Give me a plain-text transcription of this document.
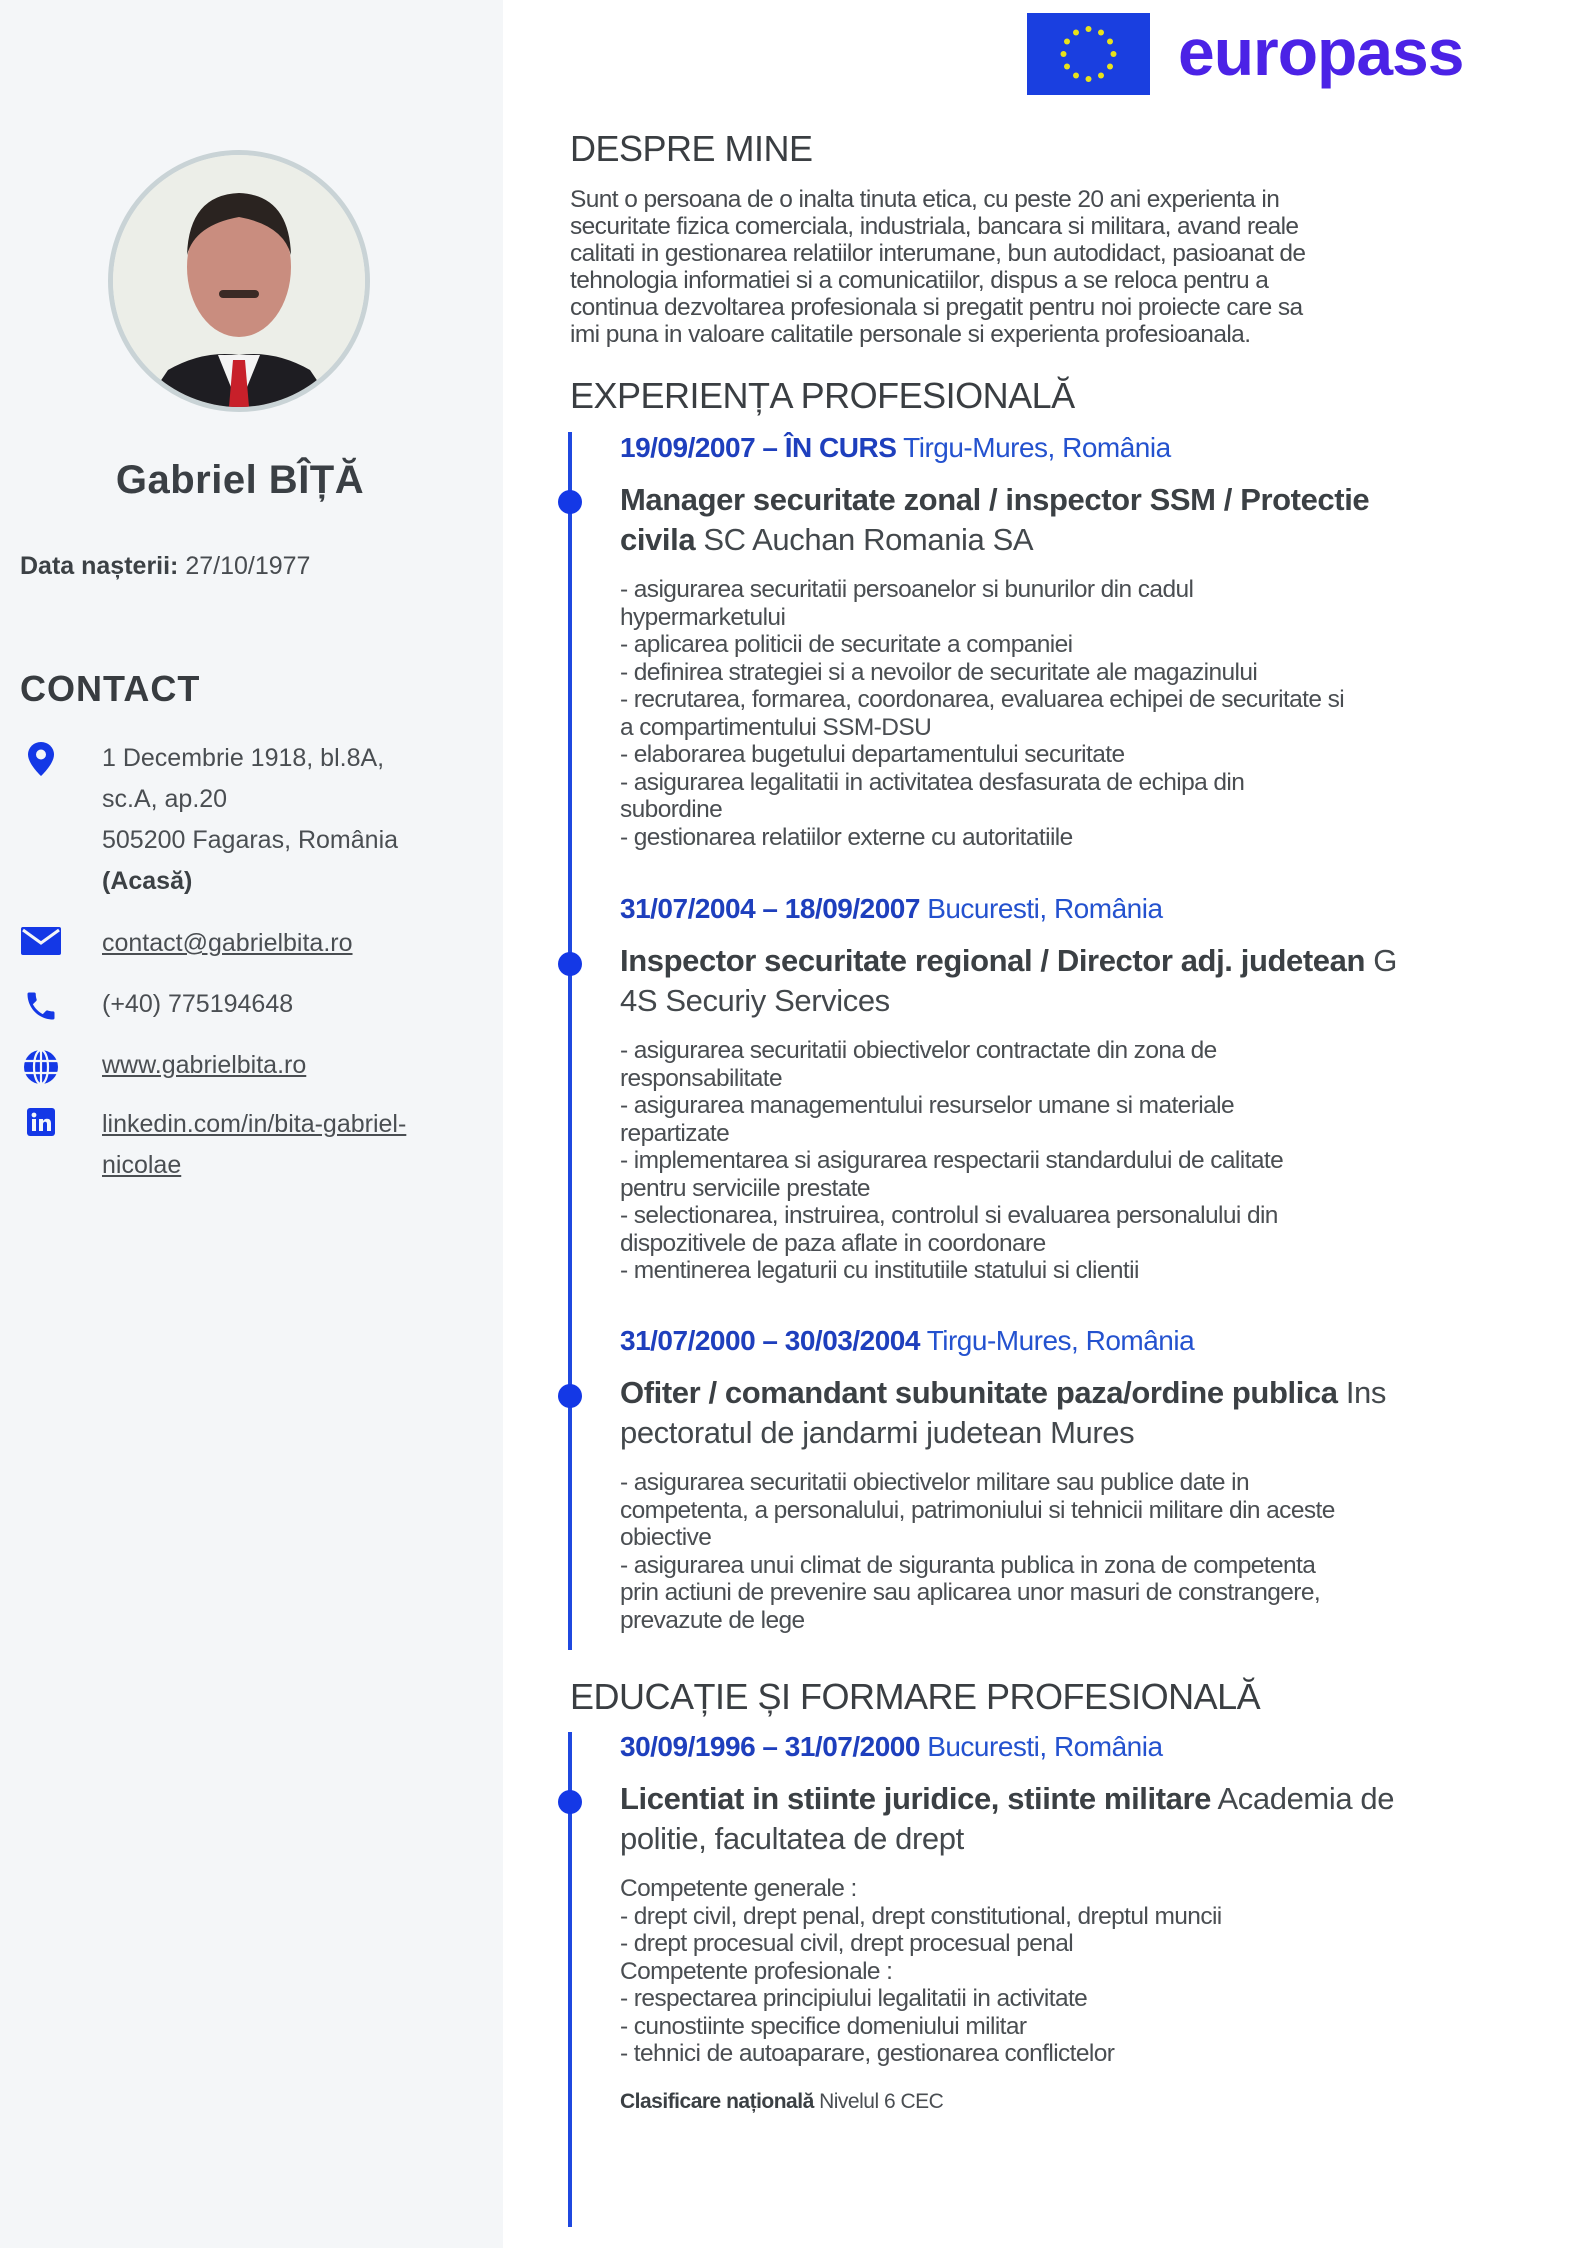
Gabriel BÎȚĂ
Data nașterii: 27/10/1977
CONTACT
1 Decembrie 1918, bl.8A,
sc.A, ap.20
505200 Fagaras, România
(Acasă)
contact@gabrielbita.ro
(+40) 775194648
www.gabrielbita.ro
linkedin.com/in/bita-gabriel-
nicolae
europass
DESPRE MINE
Sunt o persoana de o inalta tinuta etica, cu peste 20 ani experienta in
securitate fizica comerciala, industriala, bancara si militara, avand reale
calitati in gestionarea relatiilor interumane, bun autodidact, pasioanat de
tehnologia informatiei si a comunicatiilor, dispus a se reloca pentru a
continua dezvoltarea profesionala si pregatit pentru noi proiecte care sa
imi puna in valoare calitatile personale si experienta profesioanala.
EXPERIENȚA PROFESIONALĂ
19/09/2007 – ÎN CURS Tirgu-Mures, România
Manager securitate zonal / inspector SSM / Protectie
civila SC Auchan Romania SA
- asigurarea securitatii persoanelor si bunurilor din cadul
hypermarketului
- aplicarea politicii de securitate a companiei
- definirea strategiei si a nevoilor de securitate ale magazinului
- recrutarea, formarea, coordonarea, evaluarea echipei de securitate si
a compartimentului SSM-DSU
- elaborarea bugetului departamentului securitate
- asigurarea legalitatii in activitatea desfasurata de echipa din
subordine
- gestionarea relatiilor externe cu autoritatiile
31/07/2004 – 18/09/2007 Bucuresti, România
Inspector securitate regional / Director adj. judetean G
4S Securiy Services
- asigurarea securitatii obiectivelor contractate din zona de
responsabilitate
- asigurarea managementului resurselor umane si materiale
repartizate
- implementarea si asigurarea respectarii standardului de calitate
pentru serviciile prestate
- selectionarea, instruirea, controlul si evaluarea personalului din
dispozitivele de paza aflate in coordonare
- mentinerea legaturii cu institutiile statului si clientii
31/07/2000 – 30/03/2004 Tirgu-Mures, România
Ofiter / comandant subunitate paza/ordine publica Ins
pectoratul de jandarmi judetean Mures
- asigurarea securitatii obiectivelor militare sau publice date in
competenta, a personalului, patrimoniului si tehnicii militare din aceste
obiective
- asigurarea unui climat de siguranta publica in zona de competenta
prin actiuni de prevenire sau aplicarea unor masuri de constrangere,
prevazute de lege
EDUCAȚIE ȘI FORMARE PROFESIONALĂ
30/09/1996 – 31/07/2000 Bucuresti, România
Licentiat in stiinte juridice, stiinte militare Academia de
politie, facultatea de drept
Competente generale :
- drept civil, drept penal, drept constitutional, dreptul muncii
- drept procesual civil, drept procesual penal
Competente profesionale :
- respectarea principiului legalitatii in activitate
- cunostiinte specifice domeniului militar
- tehnici de autoaparare, gestionarea conflictelor
Clasificare națională Nivelul 6 CEC
